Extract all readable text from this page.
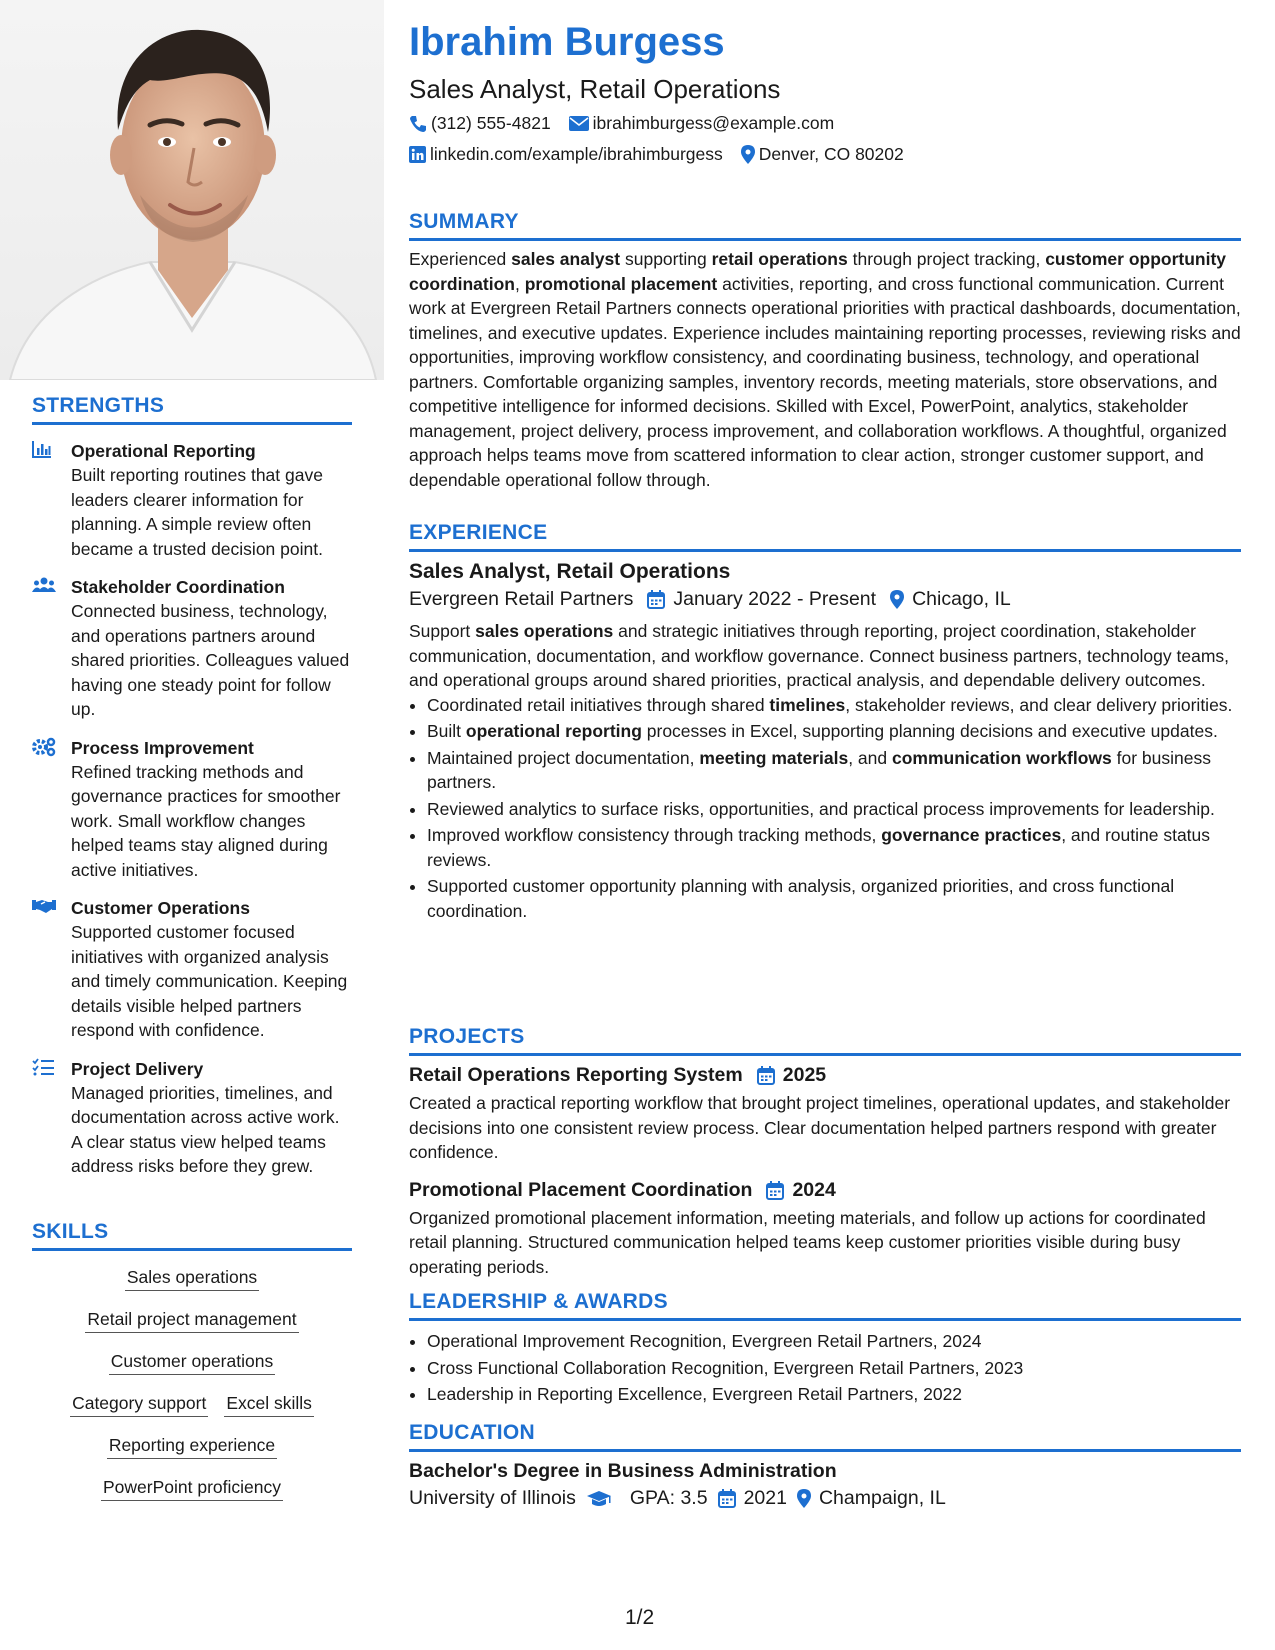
STRENGTHS
Operational Reporting
Built reporting routines that gave leaders clearer information for planning. A simple review often became a trusted decision point.
Stakeholder Coordination
Connected business, technology, and operations partners around shared priorities. Colleagues valued having one steady point for follow up.
Process Improvement
Refined tracking methods and governance practices for smoother work. Small workflow changes helped teams stay aligned during active initiatives.
Customer Operations
Supported customer focused initiatives with organized analysis and timely communication. Keeping details visible helped partners respond with confidence.
Project Delivery
Managed priorities, timelines, and documentation across active work. A clear status view helped teams address risks before they grew.
SKILLS
Sales operations
Retail project management
Customer operations
Category support Excel skills
Reporting experience
PowerPoint proficiency
Ibrahim Burgess
Sales Analyst, Retail Operations
(312) 555-4821 ibrahimburgess@example.com
linkedin.com/example/ibrahimburgess Denver, CO 80202
SUMMARY

Experienced sales analyst supporting retail operations through project tracking, customer opportunity coordination, promotional placement activities, reporting, and cross functional communication. Current work at Evergreen Retail Partners connects operational priorities with practical dashboards, documentation, timelines, and executive updates. Experience includes maintaining reporting processes, reviewing risks and opportunities, improving workflow consistency, and coordinating business, technology, and operational partners. Comfortable organizing samples, inventory records, meeting materials, store observations, and competitive intelligence for informed decisions. Skilled with Excel, PowerPoint, analytics, stakeholder management, project delivery, process improvement, and collaboration workflows. A thoughtful, organized approach helps teams move from scattered information to clear action, stronger customer support, and dependable operational follow through.

EXPERIENCE
Sales Analyst, Retail Operations
Evergreen Retail Partners January 2022 - Present Chicago, IL

Support sales operations and strategic initiatives through reporting, project coordination, stakeholder communication, documentation, and workflow governance. Connect business partners, technology teams, and operational groups around shared priorities, practical analysis, and dependable delivery outcomes.

• Coordinated retail initiatives through shared timelines, stakeholder reviews, and clear delivery priorities.
• Built operational reporting processes in Excel, supporting planning decisions and executive updates.
• Maintained project documentation, meeting materials, and communication workflows for business partners.
• Reviewed analytics to surface risks, opportunities, and practical process improvements for leadership.
• Improved workflow consistency through tracking methods, governance practices, and routine status reviews.
• Supported customer opportunity planning with analysis, organized priorities, and cross functional coordination.
PROJECTS
Retail Operations Reporting System 2025

Created a practical reporting workflow that brought project timelines, operational updates, and stakeholder decisions into one consistent review process. Clear documentation helped partners respond with greater confidence.

Promotional Placement Coordination 2024

Organized promotional placement information, meeting materials, and follow up actions for coordinated retail planning. Structured communication helped teams keep customer priorities visible during busy operating periods.

LEADERSHIP & AWARDS
• Operational Improvement Recognition, Evergreen Retail Partners, 2024
• Cross Functional Collaboration Recognition, Evergreen Retail Partners, 2023
• Leadership in Reporting Excellence, Evergreen Retail Partners, 2022
EDUCATION
Bachelor's Degree in Business Administration
University of Illinois	GPA: 3.5 2021 Champaign, IL
1/2
